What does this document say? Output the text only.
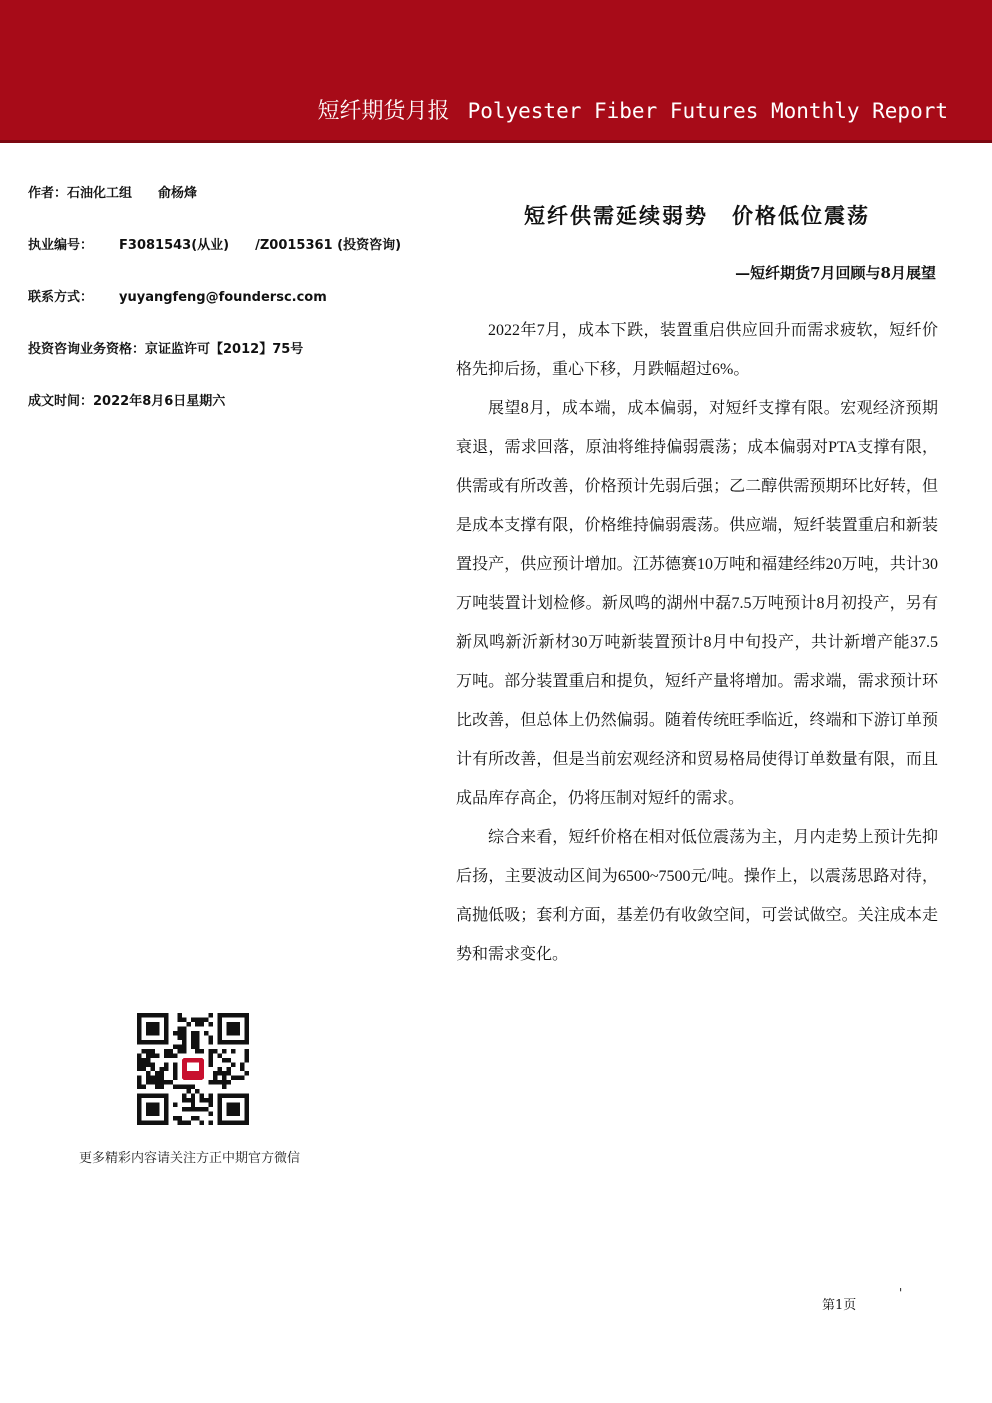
短纤期货月报 Polyester Fiber Futures Monthly Report
作者：石油化工组 俞杨烽
执业编号： F3081543(从业) /Z0015361 (投资咨询)
联系方式： yuyangfeng@foundersc.com
投资咨询业务资格：京证监许可【2012】75号
成文时间：2022年8月6日星期六
短纤供需延续弱势 价格低位震荡
—短纤期货7月回顾与8月展望

2022年7月，成本下跌，装置重启供应回升而需求疲软，短纤价格先抑后扬，重心下移，月跌幅超过6%。

展望8月，成本端，成本偏弱，对短纤支撑有限。宏观经济预期衰退，需求回落，原油将维持偏弱震荡；成本偏弱对PTA支撑有限，供需或有所改善，价格预计先弱后强；乙二醇供需预期环比好转，但是成本支撑有限，价格维持偏弱震荡。供应端，短纤装置重启和新装置投产，供应预计增加。江苏德赛10万吨和福建经纬20万吨，共计30万吨装置计划检修。新凤鸣的湖州中磊7.5万吨预计8月初投产，另有新凤鸣新沂新材30万吨新装置预计8月中旬投产，共计新增产能37.5万吨。部分装置重启和提负，短纤产量将增加。需求端，需求预计环比改善，但总体上仍然偏弱。随着传统旺季临近，终端和下游订单预计有所改善，但是当前宏观经济和贸易格局使得订单数量有限，而且成品库存高企，仍将压制对短纤的需求。

综合来看，短纤价格在相对低位震荡为主，月内走势上预计先抑后扬，主要波动区间为6500~7500元/吨。操作上，以震荡思路对待，高抛低吸；套利方面，基差仍有收敛空间，可尝试做空。关注成本走势和需求变化。

更多精彩内容请关注方正中期官方微信
第1页
'
